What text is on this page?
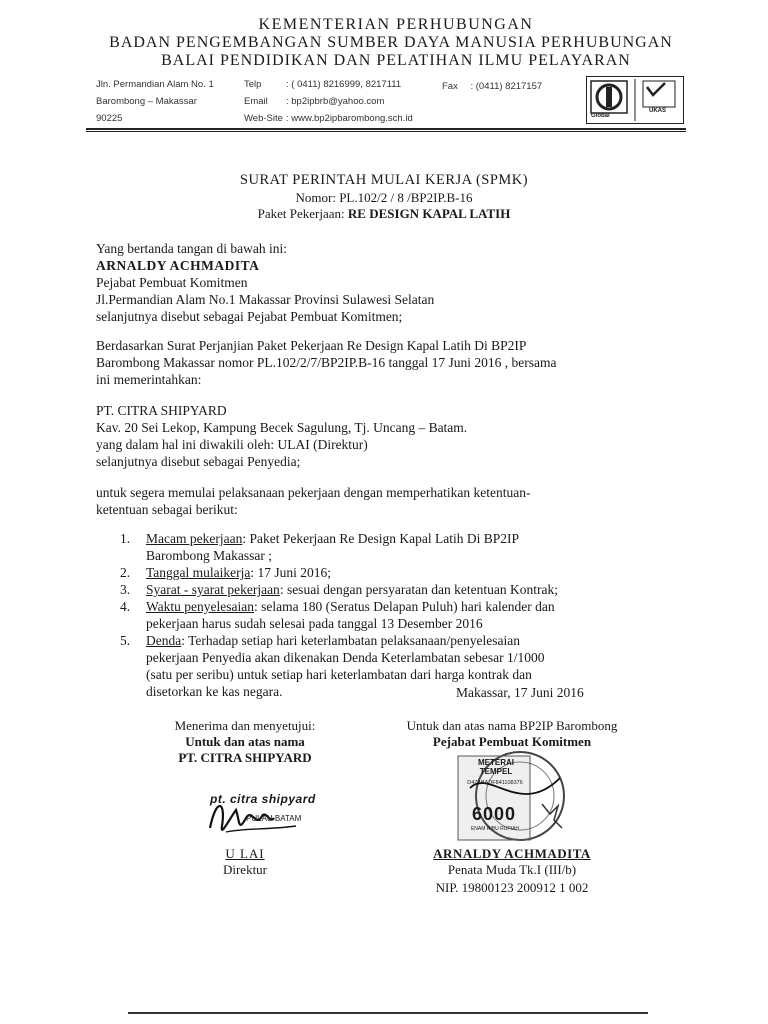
KEMENTERIAN PERHUBUNGAN
BADAN PENGEMBANGAN SUMBER DAYA MANUSIA PERHUBUNGAN
BALAI PENDIDIKAN DAN PELATIHAN ILMU PELAYARAN
Jln. Permandian Alam No. 1
Barombong – Makassar
90225
Telp
Email
Web-Site
: ( 0411) 8216999, 8217111
: bp2ipbrb@yahoo.com
: www.bp2ipbarombong.sch.id
Fax : (0411) 8217157
Global
UKAS
SURAT PERINTAH MULAI KERJA (SPMK)
Nomor: PL.102/2 / 8 /BP2IP.B-16
Paket Pekerjaan: RE DESIGN KAPAL LATIH
Yang bertanda tangan di bawah ini:
ARNALDY ACHMADITA
Pejabat Pembuat Komitmen
Jl.Permandian Alam No.1 Makassar Provinsi Sulawesi Selatan
selanjutnya disebut sebagai Pejabat Pembuat Komitmen;
Berdasarkan Surat Perjanjian Paket Pekerjaan Re Design Kapal Latih Di BP2IP
Barombong Makassar nomor PL.102/2/7/BP2IP.B-16 tanggal 17 Juni 2016 , bersama
ini memerintahkan:
PT. CITRA SHIPYARD
Kav. 20 Sei Lekop, Kampung Becek Sagulung, Tj. Uncang – Batam.
yang dalam hal ini diwakili oleh: ULAI (Direktur)
selanjutnya disebut sebagai Penyedia;
untuk segera memulai pelaksanaan pekerjaan dengan memperhatikan ketentuan-
ketentuan sebagai berikut:
1. Macam pekerjaan: Paket Pekerjaan Re Design Kapal Latih Di BP2IP
Barombong Makassar ;
2. Tanggal mulaikerja: 17 Juni 2016;
3. Syarat - syarat pekerjaan: sesuai dengan persyaratan dan ketentuan Kontrak;
4. Waktu penyelesaian: selama 180 (Seratus Delapan Puluh) hari kalender dan
pekerjaan harus sudah selesai pada tanggal 13 Desember 2016
5. Denda: Terhadap setiap hari keterlambatan pelaksanaan/penyelesaian
pekerjaan Penyedia akan dikenakan Denda Keterlambatan sebesar 1/1000
(satu per seribu) untuk setiap hari keterlambatan dari harga kontrak dan
disetorkan ke kas negara.	Makassar, 17 Juni 2016
Menerima dan menyetujui:
Untuk dan atas nama
PT. CITRA SHIPYARD
pt. citra shipyard
PULAU BATAM
U LAI
Direktur
Untuk dan atas nama BP2IP Barombong
Pejabat Pembuat Komitmen
METERAI TEMPEL
D47ABADF841108376
6000
ENAM RIBU RUPIAH
ARNALDY ACHMADITA
Penata Muda Tk.I (III/b)
NIP. 19800123 200912 1 002
